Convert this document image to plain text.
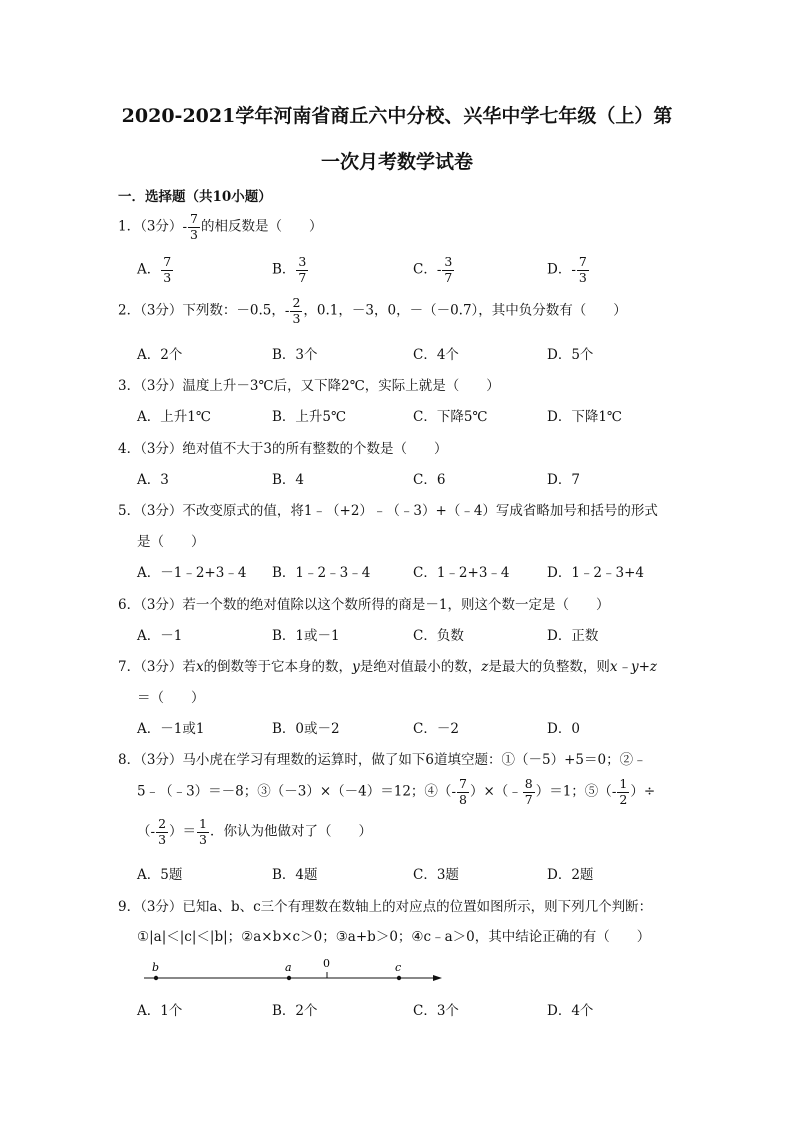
2020-2021学年河南省商丘六中分校、兴华中学七年级（上）第
一次月考数学试卷
一．选择题（共10小题）
1．（3分）- $\frac{7}{3}$ 的相反数是（　　）
A． $\frac{7}{3}$	B． $\frac{3}{7}$	C．- $\frac{3}{7}$	D．- $\frac{7}{3}$
2．（3分）下列数：－0.5，- $\frac{2}{3}$ ，0.1，－3，0，－（－0.7），其中负分数有（　　）
A．2个	B．3个	C．4个	D．5个
3．（3分）温度上升－3℃后，又下降2℃，实际上就是（　　）
A．上升1℃	B．上升5℃	C．下降5℃	D．下降1℃
4．（3分）绝对值不大于3的所有整数的个数是（　　）
A．3	B．4	C．6	D．7
5．（3分）不改变原式的值，将1﹣（+2）﹣（﹣3）+（﹣4）写成省略加号和括号的形式
是（　　）
A．－1﹣2+3﹣4 B．1﹣2﹣3﹣4	C．1﹣2+3﹣4	D．1﹣2﹣3+4
6．（3分）若一个数的绝对值除以这个数所得的商是－1，则这个数一定是（　　）
A．－1	B．1或－1	C．负数	D．正数
7．（3分）若x的倒数等于它本身的数，y是绝对值最小的数，z是最大的负整数，则x﹣y+z
＝（　　）
A．－1或1	B．0或－2	C．－2	D．0
8．（3分）马小虎在学习有理数的运算时，做了如下6道填空题：①（－5）+5＝0；②﹣
5﹣（﹣3）＝－8；③（－3）×（－4）＝12；④（- $\frac{7}{8}$ ）×（﹣ $\frac{8}{7} )=1$；⑤（- $\frac{1}{2}$ ）÷
（- $\frac{2}{3}$ ）＝ $\frac{1}{3}$ ．你认为他做对了（　　）
A．5题	B．4题	C．3题	D．2题
9．（3分）已知a、b、c三个有理数在数轴上的对应点的位置如图所示，则下列几个判断：
①|a|＜|c|＜|b|；②a×b×c＞0；③a+b＞0；④c﹣a＞0，其中结论正确的有（　　）
b	a	0	c
A．1个	B．2个	C．3个	D．4个
